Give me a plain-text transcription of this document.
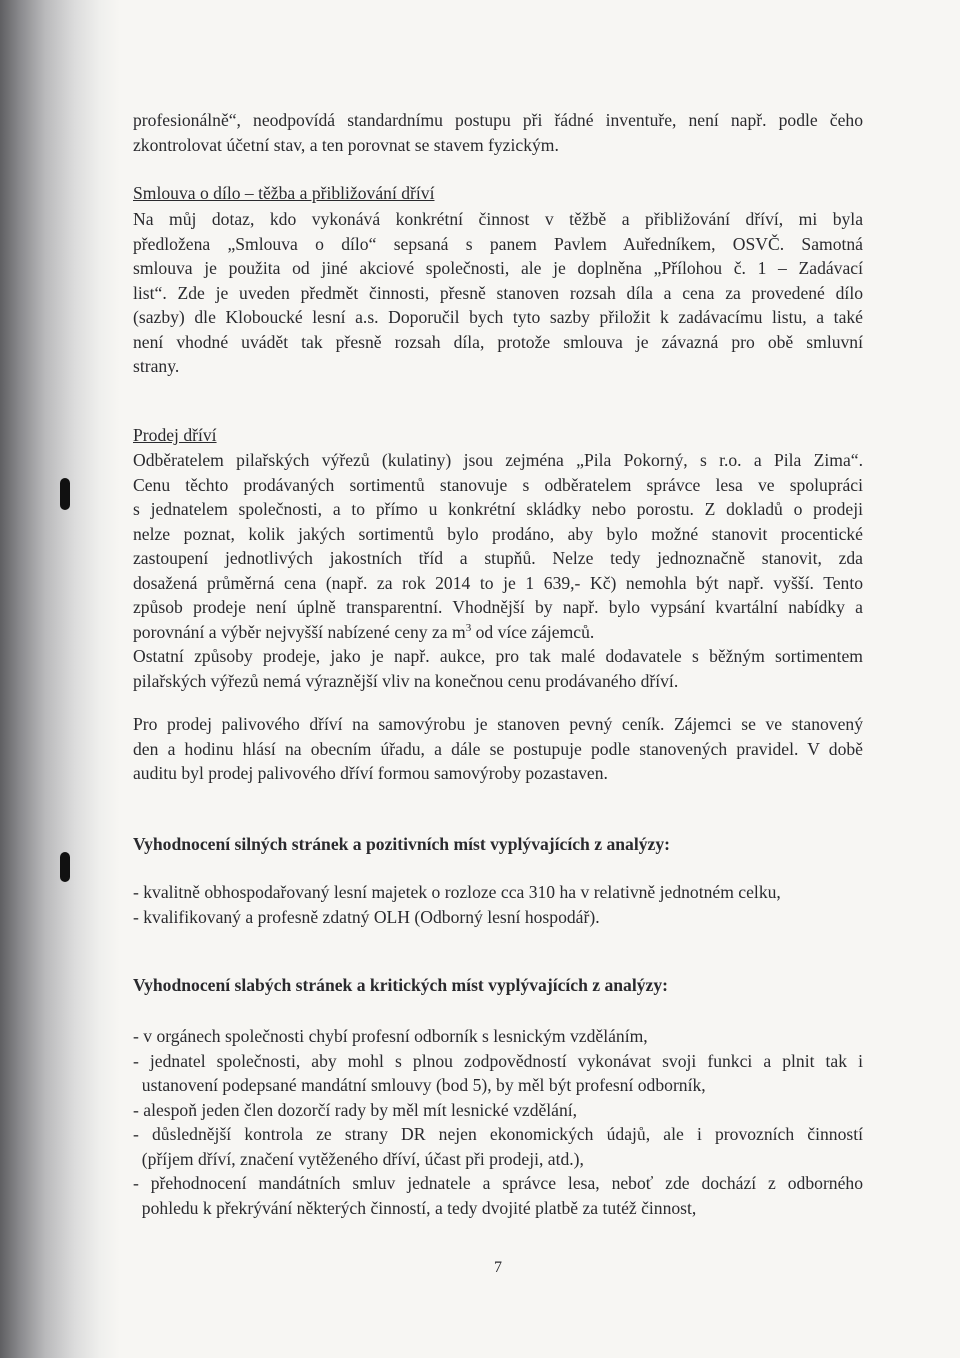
profesionálně“, neodpovídá standardnímu postupu při řádné inventuře, není např. podle čeho
zkontrolovat účetní stav, a ten porovnat se stavem fyzickým.
Smlouva o dílo – těžba a přibližování dříví
Na můj dotaz, kdo vykonává konkrétní činnost v těžbě a přibližování dříví, mi byla
předložena „Smlouva o dílo“ sepsaná s panem Pavlem Auředníkem, OSVČ. Samotná
smlouva je použita od jiné akciové společnosti, ale je doplněna „Přílohou č. 1 – Zadávací
list“. Zde je uveden předmět činnosti, přesně stanoven rozsah díla a cena za provedené dílo
(sazby) dle Kloboucké lesní a.s. Doporučil bych tyto sazby přiložit k zadávacímu listu, a také
není vhodné uvádět tak přesně rozsah díla, protože smlouva je závazná pro obě smluvní
strany.
Prodej dříví
Odběratelem pilařských výřezů (kulatiny) jsou zejména „Pila Pokorný, s r.o. a Pila Zima“.
Cenu těchto prodávaných sortimentů stanovuje s odběratelem správce lesa ve spolupráci
s jednatelem společnosti, a to přímo u konkrétní skládky nebo porostu. Z dokladů o prodeji
nelze poznat, kolik jakých sortimentů bylo prodáno, aby bylo možné stanovit procentické
zastoupení jednotlivých jakostních tříd a stupňů. Nelze tedy jednoznačně stanovit, zda
dosažená průměrná cena (např. za rok 2014 to je 1 639,- Kč) nemohla být např. vyšší. Tento
způsob prodeje není úplně transparentní. Vhodnější by např. bylo vypsání kvartální nabídky a
porovnání a výběr nejvyšší nabízené ceny za $m^3$ od více zájemců.
Ostatní způsoby prodeje, jako je např. aukce, pro tak malé dodavatele s běžným sortimentem
pilařských výřezů nemá výraznější vliv na konečnou cenu prodávaného dříví.
Pro prodej palivového dříví na samovýrobu je stanoven pevný ceník. Zájemci se ve stanovený
den a hodinu hlásí na obecním úřadu, a dále se postupuje podle stanovených pravidel. V době
auditu byl prodej palivového dříví formou samovýroby pozastaven.
Vyhodnocení silných stránek a pozitivních míst vyplývajících z analýzy:
- kvalitně obhospodařovaný lesní majetek o rozloze cca 310 ha v relativně jednotném celku,
- kvalifikovaný a profesně zdatný OLH (Odborný lesní hospodář).
Vyhodnocení slabých stránek a kritických míst vyplývajících z analýzy:
- v orgánech společnosti chybí profesní odborník s lesnickým vzděláním,
- jednatel společnosti, aby mohl s plnou zodpovědností vykonávat svoji funkci a plnit tak i
ustanovení podepsané mandátní smlouvy (bod 5), by měl být profesní odborník,
- alespoň jeden člen dozorčí rady by měl mít lesnické vzdělání,
- důslednější kontrola ze strany DR nejen ekonomických údajů, ale i provozních činností
(příjem dříví, značení vytěženého dříví, účast při prodeji, atd.),
- přehodnocení mandátních smluv jednatele a správce lesa, neboť zde dochází z odborného
pohledu k překrývání některých činností, a tedy dvojité platbě za tutéž činnost,
7
